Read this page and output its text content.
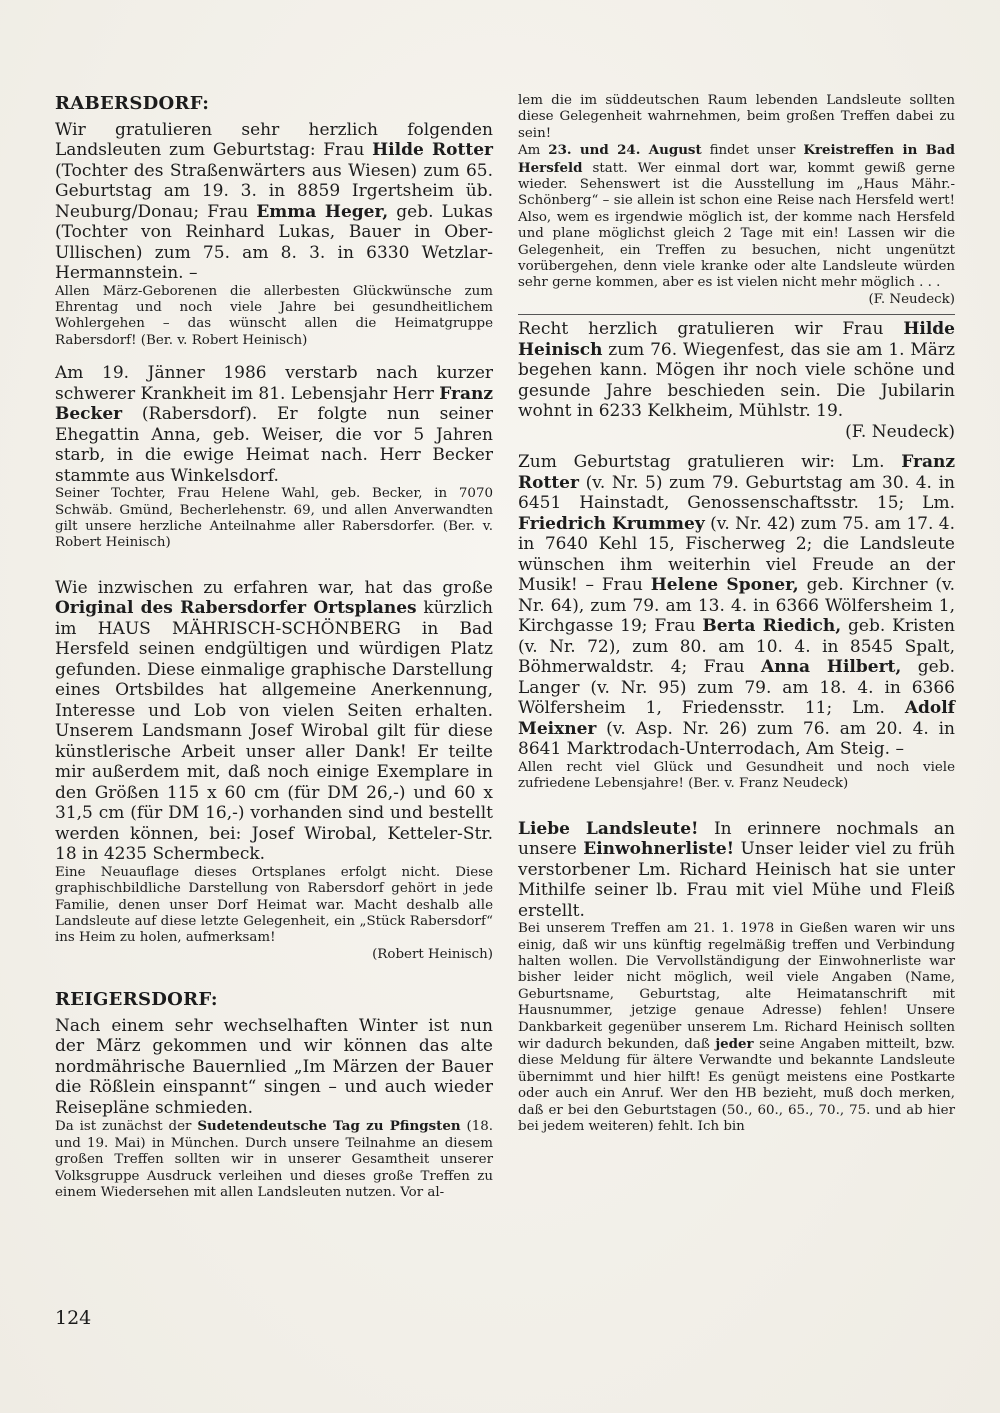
RABERSDORF:

Wir gratulieren sehr herzlich folgenden Landsleuten zum Geburtstag: Frau Hilde Rotter (Tochter des Straßenwärters aus Wiesen) zum 65. Geburtstag am 19. 3. in 8859 Irgertsheim üb. Neuburg/Donau; Frau Emma Heger, geb. Lukas (Tochter von Reinhard Lukas, Bauer in Ober-Ullischen) zum 75. am 8. 3. in 6330 Wetzlar-Hermannstein. –

Allen März-Geborenen die allerbesten Glückwünsche zum Ehrentag und noch viele Jahre bei gesundheitlichem Wohlergehen – das wünscht allen die Heimatgruppe Rabersdorf! (Ber. v. Robert Heinisch)

Am 19. Jänner 1986 verstarb nach kurzer schwerer Krankheit im 81. Lebensjahr Herr Franz Becker (Rabersdorf). Er folgte nun seiner Ehegattin Anna, geb. Weiser, die vor 5 Jahren starb, in die ewige Heimat nach. Herr Becker stammte aus Winkelsdorf.

Seiner Tochter, Frau Helene Wahl, geb. Becker, in 7070 Schwäb. Gmünd, Becherlehenstr. 69, und allen Anverwandten gilt unsere herzliche Anteilnahme aller Rabersdorfer. (Ber. v. Robert Heinisch)

Wie inzwischen zu erfahren war, hat das große Original des Rabersdorfer Ortsplanes kürzlich im HAUS MÄHRISCH-SCHÖNBERG in Bad Hersfeld seinen endgültigen und würdigen Platz gefunden. Diese einmalige graphische Darstellung eines Ortsbildes hat allgemeine Anerkennung, Interesse und Lob von vielen Seiten erhalten. Unserem Landsmann Josef Wirobal gilt für diese künstlerische Arbeit unser aller Dank! Er teilte mir außerdem mit, daß noch einige Exemplare in den Größen 115 x 60 cm (für DM 26,-) und 60 x 31,5 cm (für DM 16,-) vorhanden sind und bestellt werden können, bei: Josef Wirobal, Ketteler-Str. 18 in 4235 Schermbeck.

Eine Neuauflage dieses Ortsplanes erfolgt nicht. Diese graphischbildliche Darstellung von Rabersdorf gehört in jede Familie, denen unser Dorf Heimat war. Macht deshalb alle Landsleute auf diese letzte Gelegenheit, ein „Stück Rabersdorf“ ins Heim zu holen, aufmerksam!
(Robert Heinisch)

REIGERSDORF:

Nach einem sehr wechselhaften Winter ist nun der März gekommen und wir können das alte nordmährische Bauernlied „Im Märzen der Bauer die Rößlein einspannt“ singen – und auch wieder Reisepläne schmieden.

Da ist zunächst der Sudetendeutsche Tag zu Pfingsten (18. und 19. Mai) in München. Durch unsere Teilnahme an diesem großen Treffen sollten wir in unserer Gesamtheit unserer Volksgruppe Ausdruck verleihen und dieses große Treffen zu einem Wiedersehen mit allen Landsleuten nutzen. Vor al-

lem die im süddeutschen Raum lebenden Landsleute sollten diese Gelegenheit wahrnehmen, beim großen Treffen dabei zu sein!

Am 23. und 24. August findet unser Kreistreffen in Bad Hersfeld statt. Wer einmal dort war, kommt gewiß gerne wieder. Sehenswert ist die Ausstellung im „Haus Mähr.-Schönberg“ – sie allein ist schon eine Reise nach Hersfeld wert! Also, wem es irgendwie möglich ist, der komme nach Hersfeld und plane möglichst gleich 2 Tage mit ein! Lassen wir die Gelegenheit, ein Treffen zu besuchen, nicht ungenützt vorübergehen, denn viele kranke oder alte Landsleute würden sehr gerne kommen, aber es ist vielen nicht mehr möglich . . .
(F. Neudeck)

Recht herzlich gratulieren wir Frau Hilde Heinisch zum 76. Wiegenfest, das sie am 1. März begehen kann. Mögen ihr noch viele schöne und gesunde Jahre beschieden sein. Die Jubilarin wohnt in 6233 Kelkheim, Mühlstr. 19.
(F. Neudeck)

Zum Geburtstag gratulieren wir: Lm. Franz Rotter (v. Nr. 5) zum 79. Geburtstag am 30. 4. in 6451 Hainstadt, Genossenschaftsstr. 15; Lm. Friedrich Krummey (v. Nr. 42) zum 75. am 17. 4. in 7640 Kehl 15, Fischerweg 2; die Landsleute wünschen ihm weiterhin viel Freude an der Musik! – Frau Helene Sponer, geb. Kirchner (v. Nr. 64), zum 79. am 13. 4. in 6366 Wölfersheim 1, Kirchgasse 19; Frau Berta Riedich, geb. Kristen (v. Nr. 72), zum 80. am 10. 4. in 8545 Spalt, Böhmerwaldstr. 4; Frau Anna Hilbert, geb. Langer (v. Nr. 95) zum 79. am 18. 4. in 6366 Wölfersheim 1, Friedensstr. 11; Lm. Adolf Meixner (v. Asp. Nr. 26) zum 76. am 20. 4. in 8641 Marktrodach-Unterrodach, Am Steig. –

Allen recht viel Glück und Gesundheit und noch viele zufriedene Lebensjahre! (Ber. v. Franz Neudeck)

Liebe Landsleute! In erinnere nochmals an unsere Einwohnerliste! Unser leider viel zu früh verstorbener Lm. Richard Heinisch hat sie unter Mithilfe seiner lb. Frau mit viel Mühe und Fleiß erstellt.

Bei unserem Treffen am 21. 1. 1978 in Gießen waren wir uns einig, daß wir uns künftig regelmäßig treffen und Verbindung halten wollen. Die Vervollständigung der Einwohnerliste war bisher leider nicht möglich, weil viele Angaben (Name, Geburtsname, Geburtstag, alte Heimatanschrift mit Hausnummer, jetzige genaue Adresse) fehlen! Unsere Dankbarkeit gegenüber unserem Lm. Richard Heinisch sollten wir dadurch bekunden, daß jeder seine Angaben mitteilt, bzw. diese Meldung für ältere Verwandte und bekannte Landsleute übernimmt und hier hilft! Es genügt meistens eine Postkarte oder auch ein Anruf. Wer den HB bezieht, muß doch merken, daß er bei den Geburtstagen (50., 60., 65., 70., 75. und ab hier bei jedem weiteren) fehlt. Ich bin

124
